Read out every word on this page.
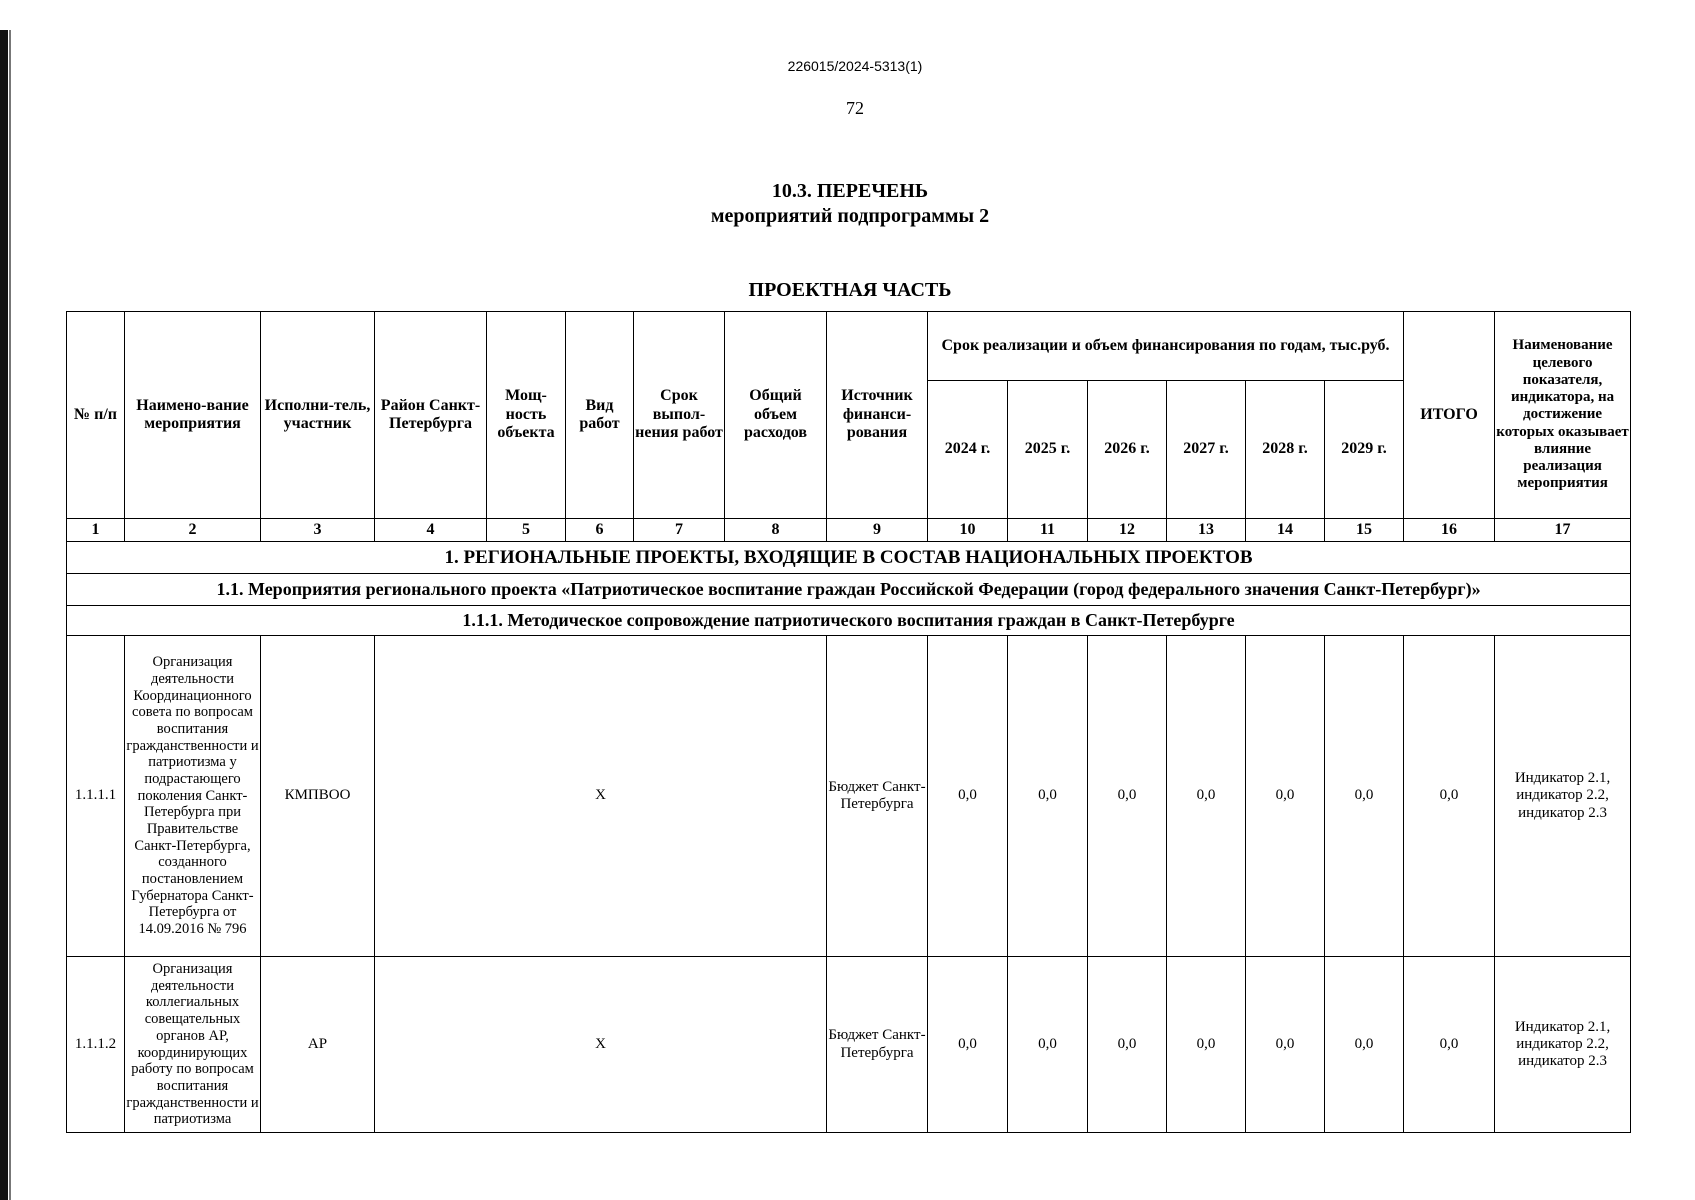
226015/2024-5313(1)
72
10.3. ПЕРЕЧЕНЬ
мероприятий подпрограммы 2
ПРОЕКТНАЯ ЧАСТЬ
№ п/п	Наимено-вание мероприятия	Исполни-тель, участник	Район Санкт-Петербурга	Мощ-ность объекта	Вид работ	Срок выпол-нения работ	Общий объем расходов	Источник финанси-рования	Срок реализации и объем финансирования по годам, тыс.руб.						ИТОГО	Наименование целевого показателя, индикатора, на достижение которых оказывает влияние реализация мероприятия
									2024 г.	2025 г.	2026 г.	2027 г.	2028 г.	2029 г.		
1	2	3	4	5	6	7	8	9	10	11	12	13	14	15	16	17
1. РЕГИОНАЛЬНЫЕ ПРОЕКТЫ, ВХОДЯЩИЕ В СОСТАВ НАЦИОНАЛЬНЫХ ПРОЕКТОВ																
1.1. Мероприятия регионального проекта «Патриотическое воспитание граждан Российской Федерации (город федерального значения Санкт-Петербург)»																
1.1.1. Методическое сопровождение патриотического воспитания граждан в Санкт-Петербурге																
1.1.1.1	Организация деятельности Координационного совета по вопросам воспитания гражданственности и патриотизма у подрастающего поколения Санкт-Петербурга при Правительстве Санкт-Петербурга, созданного постановлением Губернатора Санкт-Петербурга от 14.09.2016 № 796	КМПВОО	X					Бюджет Санкт-Петербурга	0,0	0,0	0,0	0,0	0,0	0,0	0,0	Индикатор 2.1, индикатор 2.2, индикатор 2.3
1.1.1.2	Организация деятельности коллегиальных совещательных органов АР, координирующих работу по вопросам воспитания гражданственности и патриотизма	АР	X					Бюджет Санкт-Петербурга	0,0	0,0	0,0	0,0	0,0	0,0	0,0	Индикатор 2.1, индикатор 2.2, индикатор 2.3
